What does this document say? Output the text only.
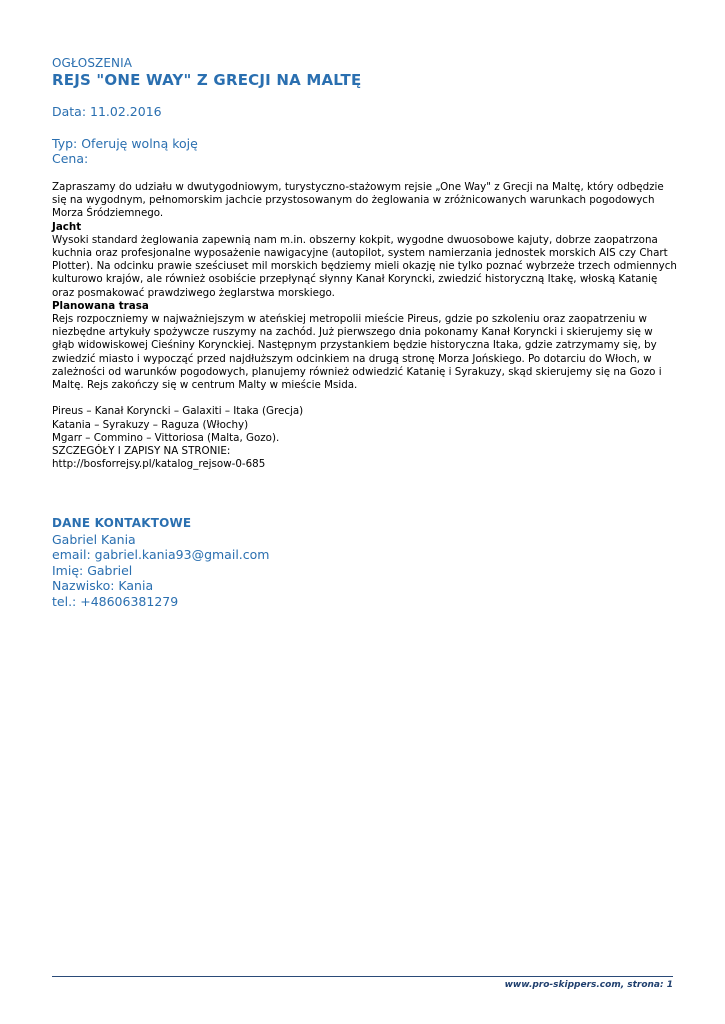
OGŁOSZENIA
REJS "ONE WAY" Z GRECJI NA MALTĘ
Data: 11.02.2016
Typ: Oferuję wolną koję
Cena:

Zapraszamy do udziału w dwutygodniowym, turystyczno-stażowym rejsie „One Way" z Grecji na Maltę, który odbędzie się na wygodnym, pełnomorskim jachcie przystosowanym do żeglowania w zróżnicowanych warunkach pogodowych Morza Śródziemnego.

Jacht

Wysoki standard żeglowania zapewnią nam m.in. obszerny kokpit, wygodne dwuosobowe kajuty, dobrze zaopatrzona kuchnia oraz profesjonalne wyposażenie nawigacyjne (autopilot, system namierzania jednostek morskich AIS czy Chart Plotter). Na odcinku prawie sześciuset mil morskich będziemy mieli okazję nie tylko poznać wybrzeże trzech odmiennych kulturowo krajów, ale również osobiście przepłynąć słynny Kanał Koryncki, zwiedzić historyczną Itakę, włoską Katanię oraz posmakować prawdziwego żeglarstwa morskiego.

Planowana trasa

Rejs rozpoczniemy w najważniejszym w ateńskiej metropolii mieście Pireus, gdzie po szkoleniu oraz zaopatrzeniu w niezbędne artykuły spożywcze ruszymy na zachód. Już pierwszego dnia pokonamy Kanał Koryncki i skierujemy się w głąb widowiskowej Cieśniny Korynckiej. Następnym przystankiem będzie historyczna Itaka, gdzie zatrzymamy się, by zwiedzić miasto i wypocząć przed najdłuższym odcinkiem na drugą stronę Morza Jońskiego. Po dotarciu do Włoch, w zależności od warunków pogodowych, planujemy również odwiedzić Katanię i Syrakuzy, skąd skierujemy się na Gozo i Maltę. Rejs zakończy się w centrum Malty w mieście Msida.

Pireus – Kanał Koryncki – Galaxiti – Itaka (Grecja)

Katania – Syrakuzy – Raguza (Włochy)

Mgarr – Commino – Vittoriosa (Malta, Gozo).

SZCZEGÓŁY I ZAPISY NA STRONIE:

http://bosforrejsy.pl/katalog_rejsow-0-685

DANE KONTAKTOWE
Gabriel Kania
email: gabriel.kania93@gmail.com
Imię: Gabriel
Nazwisko: Kania
tel.: +48606381279
www.pro-skippers.com, strona: 1
